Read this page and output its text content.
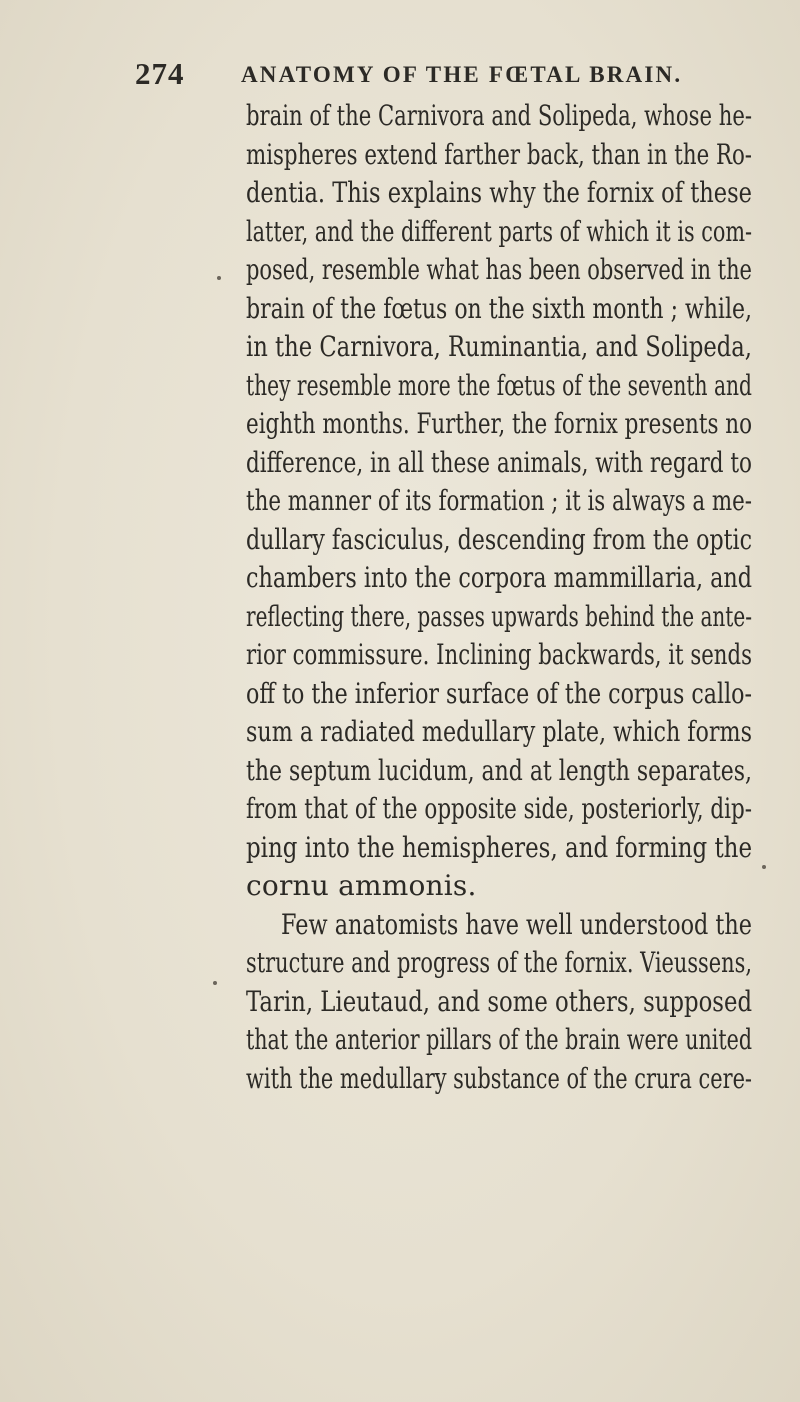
274 ANATOMY OF THE FŒTAL BRAIN.
brain of the Carnivora and Solipeda, whose he-
mispheres extend farther back, than in the Ro-
dentia. This explains why the fornix of these
latter, and the different parts of which it is com-
posed, resemble what has been observed in the
brain of the fœtus on the sixth month ; while,
in the Carnivora, Ruminantia, and Solipeda,
they resemble more the fœtus of the seventh and
eighth months. Further, the fornix presents no
difference, in all these animals, with regard to
the manner of its formation ; it is always a me-
dullary fasciculus, descending from the optic
chambers into the corpora mammillaria, and
reflecting there, passes upwards behind the ante-
rior commissure. Inclining backwards, it sends
off to the inferior surface of the corpus callo-
sum a radiated medullary plate, which forms
the septum lucidum, and at length separates,
from that of the opposite side, posteriorly, dip-
ping into the hemispheres, and forming the
cornu ammonis.
Few anatomists have well understood the
structure and progress of the fornix. Vieussens,
Tarin, Lieutaud, and some others, supposed
that the anterior pillars of the brain were united
with the medullary substance of the crura cere-
